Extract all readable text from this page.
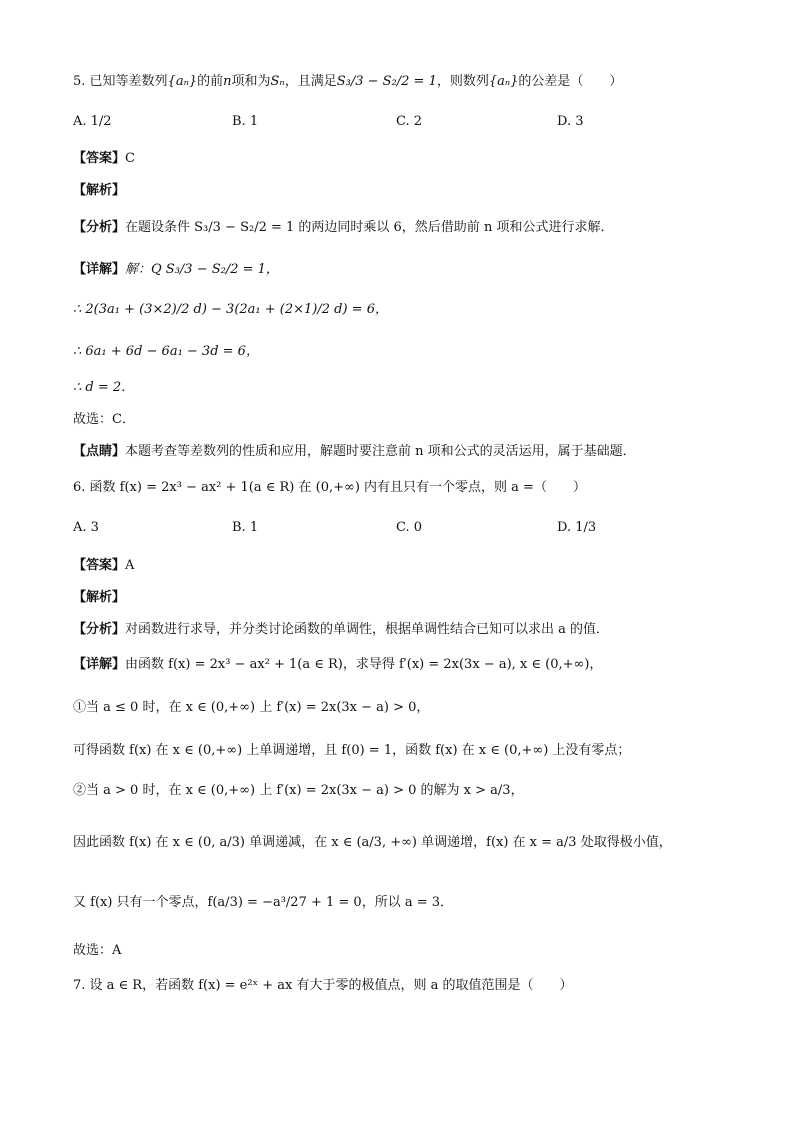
5. 已知等差数列{aₙ}的前n项和为Sₙ，且满足S₃/3 − S₂/2 = 1，则数列{aₙ}的公差是（　　）
A. 1/2	B. 1	C. 2	D. 3
【答案】C
【解析】
【分析】在题设条件 S₃/3 − S₂/2 = 1 的两边同时乘以 6，然后借助前 n 项和公式进行求解．
【详解】解：Q S₃/3 − S₂/2 = 1，
∴ 2(3a₁ + (3×2)/2 d) − 3(2a₁ + (2×1)/2 d) = 6，
∴ 6a₁ + 6d − 6a₁ − 3d = 6，
∴ d = 2．
故选：C．
【点睛】本题考查等差数列的性质和应用，解题时要注意前 n 项和公式的灵活运用，属于基础题．
6. 函数 f(x) = 2x³ − ax² + 1(a ∈ R) 在 (0,+∞) 内有且只有一个零点，则 a =（　　）
A. 3	B. 1	C. 0	D. 1/3
【答案】A
【解析】
【分析】对函数进行求导，并分类讨论函数的单调性，根据单调性结合已知可以求出 a 的值．
【详解】由函数 f(x) = 2x³ − ax² + 1(a ∈ R)，求导得 f′(x) = 2x(3x − a), x ∈ (0,+∞)，
①当 a ≤ 0 时，在 x ∈ (0,+∞) 上 f′(x) = 2x(3x − a) > 0，
可得函数 f(x) 在 x ∈ (0,+∞) 上单调递增，且 f(0) = 1，函数 f(x) 在 x ∈ (0,+∞) 上没有零点；
②当 a > 0 时，在 x ∈ (0,+∞) 上 f′(x) = 2x(3x − a) > 0 的解为 x > a/3，
因此函数 f(x) 在 x ∈ (0, a/3) 单调递减，在 x ∈ (a/3, +∞) 单调递增，f(x) 在 x = a/3 处取得极小值，
又 f(x) 只有一个零点，f(a/3) = −a³/27 + 1 = 0，所以 a = 3．
故选：A
7. 设 a ∈ R，若函数 f(x) = e²ˣ + ax 有大于零的极值点，则 a 的取值范围是（　　）
